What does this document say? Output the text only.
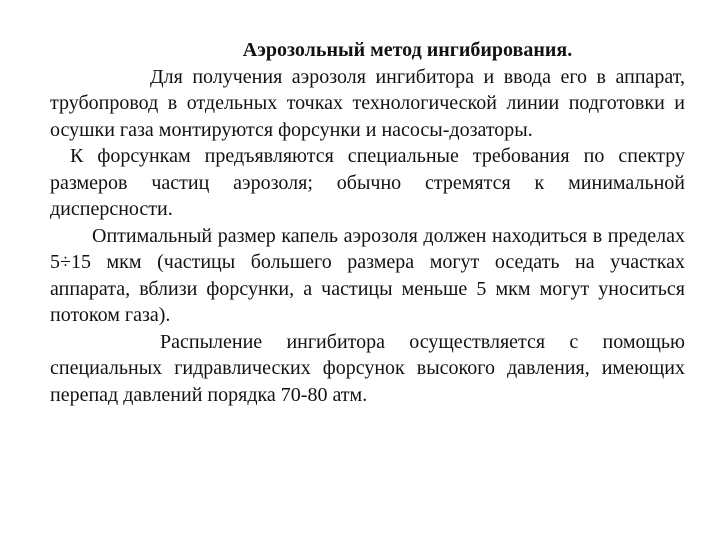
Аэрозольный метод ингибирования.

Для получения аэрозоля ингибитора и ввода его в аппарат, трубопровод в отдельных точках технологической линии подготовки и осушки газа монтируются форсунки и насосы-дозаторы.

К форсункам предъявляются специальные требования по спектру размеров частиц аэрозоля; обычно стремятся к минимальной дисперсности.

Оптимальный размер капель аэрозоля должен находиться в пределах 5÷15 мкм (частицы большего размера могут оседать на участках аппарата, вблизи форсунки, а частицы меньше 5 мкм могут уноситься потоком газа).

Распыление ингибитора осуществляется с помощью специальных гидравлических форсунок высокого давления, имеющих перепад давлений порядка 70-80 атм.
